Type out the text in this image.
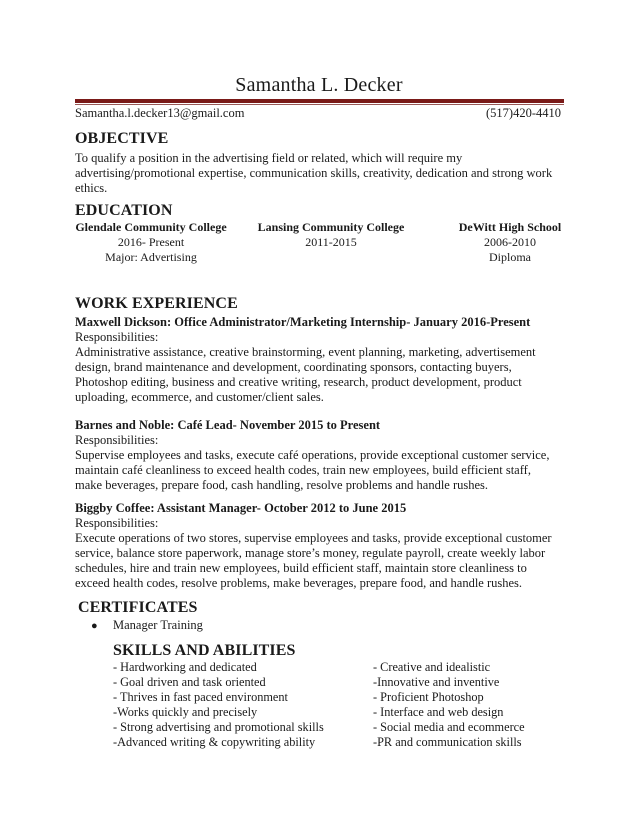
Samantha L. Decker
Samantha.l.decker13@gmail.com	(517)420-4410
OBJECTIVE
To qualify a position in the advertising field or related, which will require my
advertising/promotional expertise, communication skills, creativity, dedication and strong work
ethics.
EDUCATION
Glendale Community College
2016- Present
Major: Advertising
Lansing Community College
2011-2015
DeWitt High School
2006-2010
Diploma
WORK EXPERIENCE
Maxwell Dickson: Office Administrator/Marketing Internship- January 2016-Present
Responsibilities:
Administrative assistance, creative brainstorming, event planning, marketing, advertisement
design, brand maintenance and development, coordinating sponsors, contacting buyers,
Photoshop editing, business and creative writing, research, product development, product
uploading, ecommerce, and customer/client sales.
Barnes and Noble: Café Lead- November 2015 to Present
Responsibilities:
Supervise employees and tasks, execute café operations, provide exceptional customer service,
maintain café cleanliness to exceed health codes, train new employees, build efficient staff,
make beverages, prepare food, cash handling, resolve problems and handle rushes.
Biggby Coffee: Assistant Manager- October 2012 to June 2015
Responsibilities:
Execute operations of two stores, supervise employees and tasks, provide exceptional customer
service, balance store paperwork, manage store’s money, regulate payroll, create weekly labor
schedules, hire and train new employees, build efficient staff, maintain store cleanliness to
exceed health codes, resolve problems, make beverages, prepare food, and handle rushes.
CERTIFICATES
● Manager Training
SKILLS AND ABILITIES
- Hardworking and dedicated
- Goal driven and task oriented
- Thrives in fast paced environment
-Works quickly and precisely
- Strong advertising and promotional skills
-Advanced writing & copywriting ability
- Creative and idealistic
-Innovative and inventive
- Proficient Photoshop
- Interface and web design
- Social media and ecommerce
-PR and communication skills
